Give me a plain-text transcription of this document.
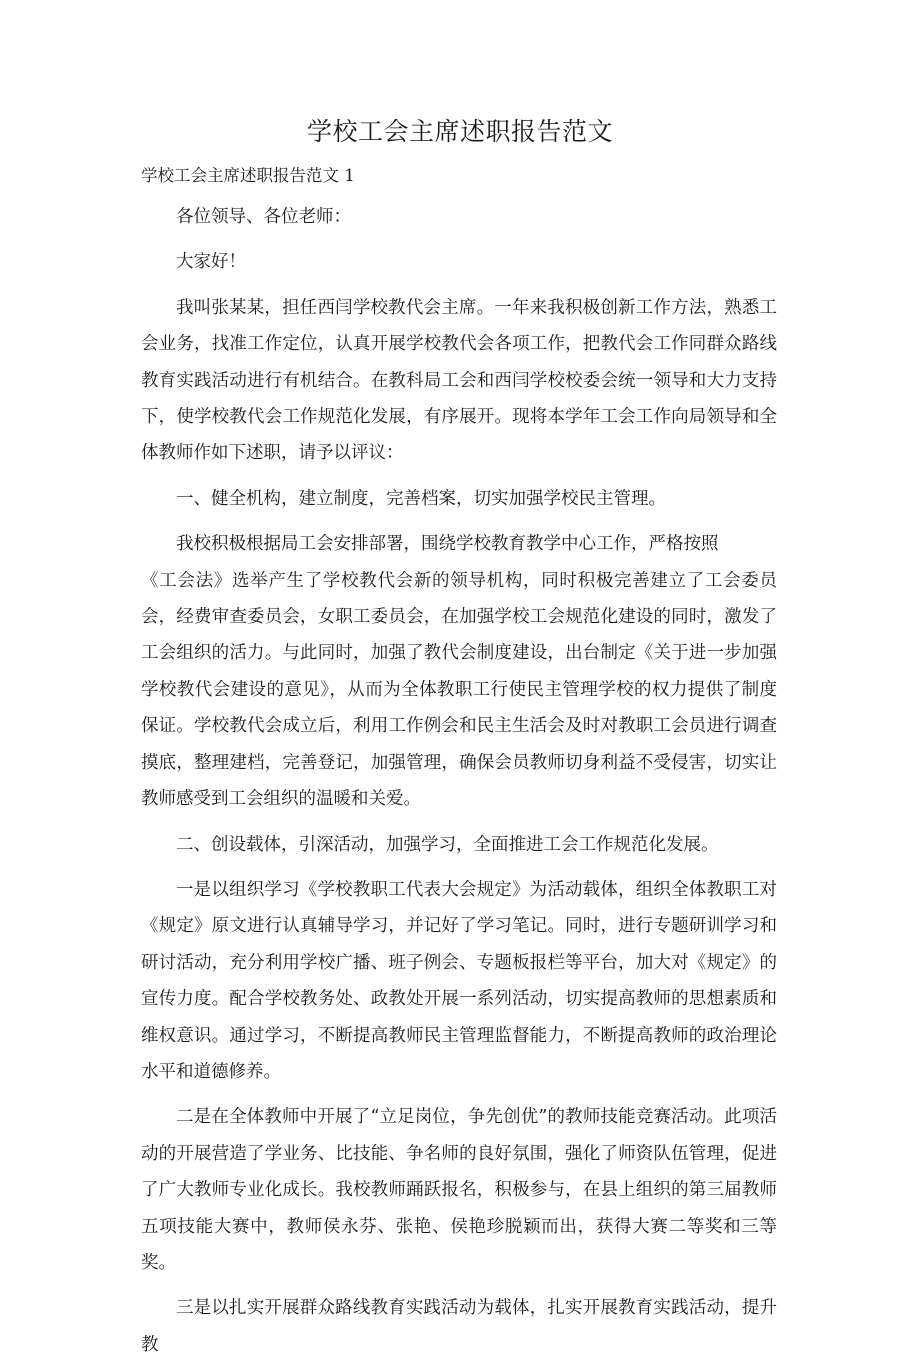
学校工会主席述职报告范文

学校工会主席述职报告范文 1

各位领导、各位老师：

大家好！

我叫张某某，担任西闫学校教代会主席。一年来我积极创新工作方法，熟悉工会业务，找准工作定位，认真开展学校教代会各项工作，把教代会工作同群众路线教育实践活动进行有机结合。在教科局工会和西闫学校校委会统一领导和大力支持下，使学校教代会工作规范化发展，有序展开。现将本学年工会工作向局领导和全体教师作如下述职，请予以评议：

一、健全机构，建立制度，完善档案，切实加强学校民主管理。

我校积极根据局工会安排部署，围绕学校教育教学中心工作，严格按照

《工会法》选举产生了学校教代会新的领导机构，同时积极完善建立了工会委员会，经费审查委员会，女职工委员会，在加强学校工会规范化建设的同时，激发了工会组织的活力。与此同时，加强了教代会制度建设，出台制定《关于进一步加强学校教代会建设的意见》，从而为全体教职工行使民主管理学校的权力提供了制度保证。学校教代会成立后，利用工作例会和民主生活会及时对教职工会员进行调查摸底，整理建档，完善登记，加强管理，确保会员教师切身利益不受侵害，切实让教师感受到工会组织的温暖和关爱。

二、创设载体，引深活动，加强学习，全面推进工会工作规范化发展。

一是以组织学习《学校教职工代表大会规定》为活动载体，组织全体教职工对《规定》原文进行认真辅导学习，并记好了学习笔记。同时，进行专题研训学习和研讨活动，充分利用学校广播、班子例会、专题板报栏等平台，加大对《规定》的宣传力度。配合学校教务处、政教处开展一系列活动，切实提高教师的思想素质和维权意识。通过学习，不断提高教师民主管理监督能力，不断提高教师的政治理论水平和道德修养。

二是在全体教师中开展了“立足岗位，争先创优”的教师技能竞赛活动。此项活动的开展营造了学业务、比技能、争名师的良好氛围，强化了师资队伍管理，促进了广大教师专业化成长。我校教师踊跃报名，积极参与，在县上组织的第三届教师五项技能大赛中，教师侯永芬、张艳、侯艳珍脱颖而出，获得大赛二等奖和三等奖。

三是以扎实开展群众路线教育实践活动为载体，扎实开展教育实践活动，提升教
